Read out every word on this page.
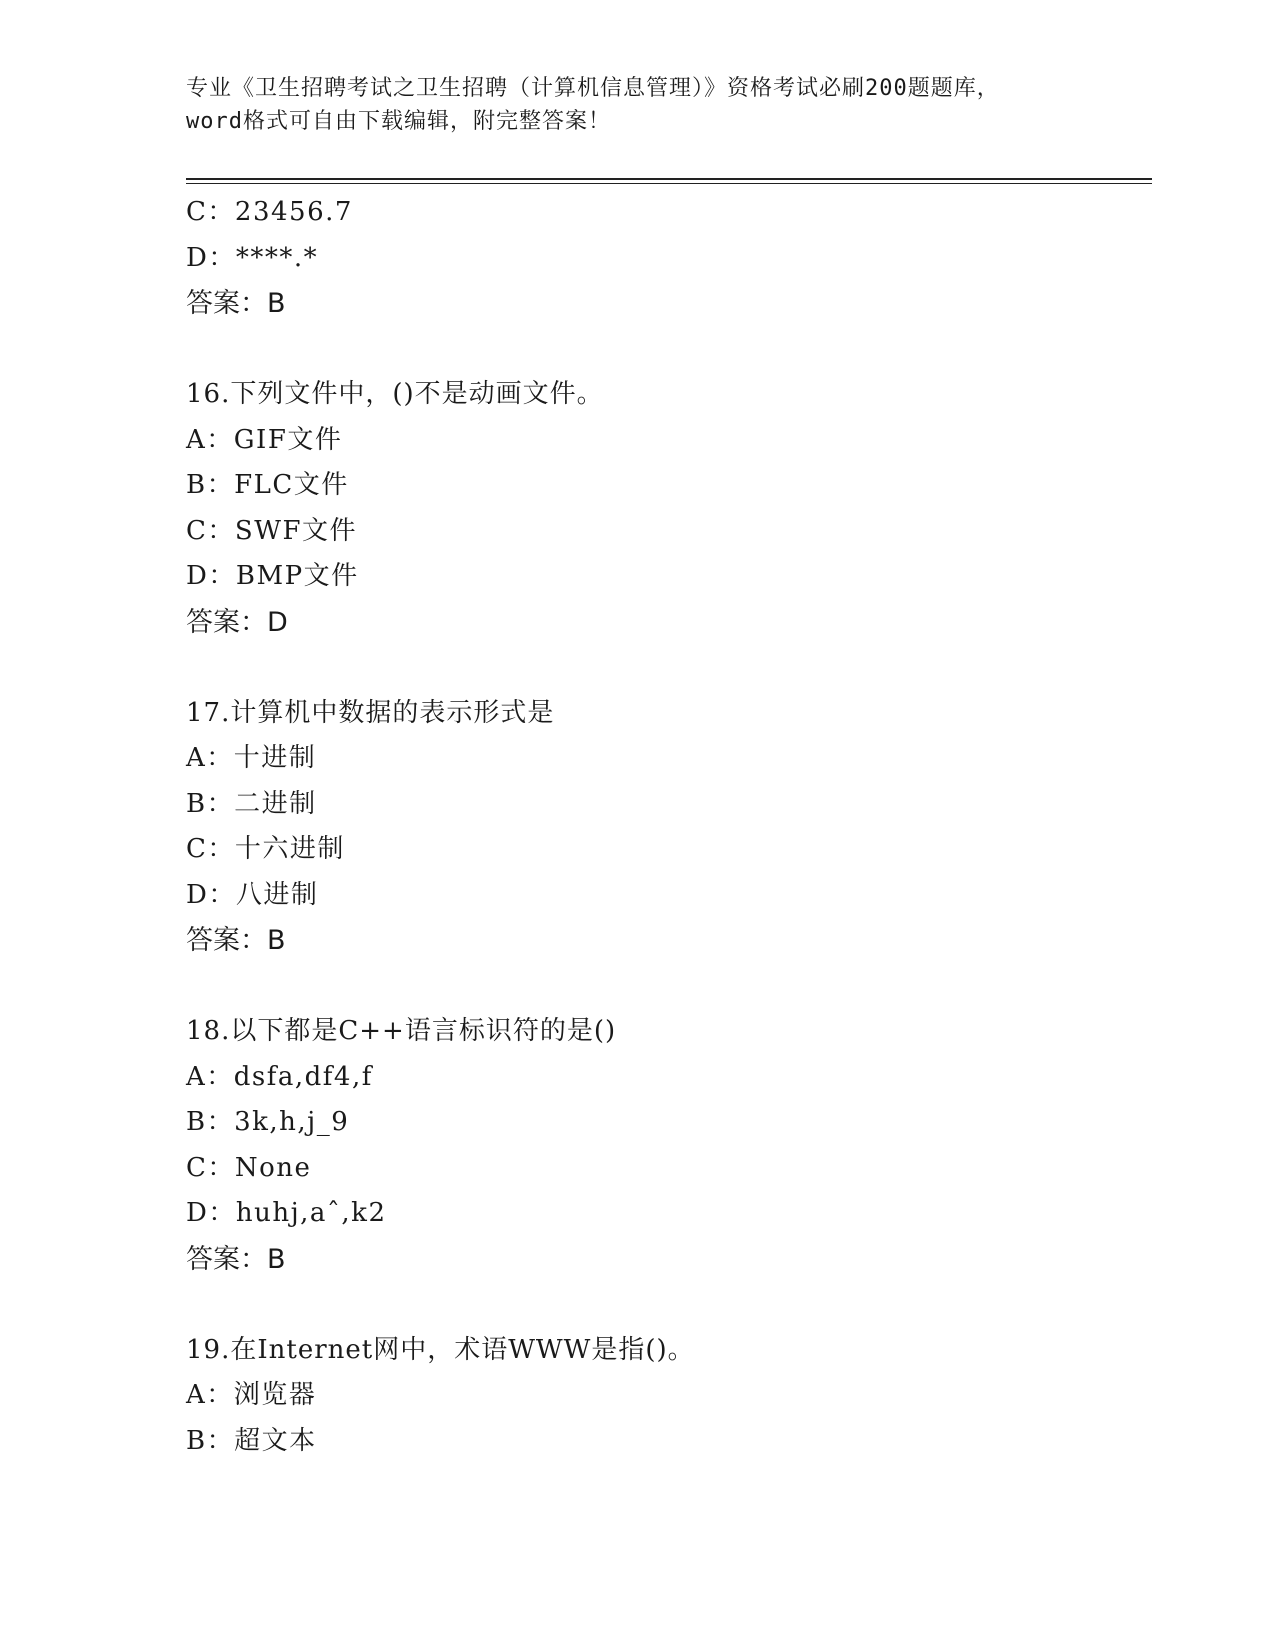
专业《卫生招聘考试之卫生招聘（计算机信息管理）》资格考试必刷200题题库，
word格式可自由下载编辑，附完整答案！
C：23456.7
D：****.*
答案：B
16.下列文件中，()不是动画文件。
A：GIF文件
B：FLC文件
C：SWF文件
D：BMP文件
答案：D
17.计算机中数据的表示形式是
A：十进制
B：二进制
C：十六进制
D：八进制
答案：B
18.以下都是C++语言标识符的是()
A：dsfa,df4,f
B：3k,h,j_9
C：None
D：huhj,aˆ,k2
答案：B
19.在Internet网中，术语WWW是指()。
A：浏览器
B：超文本
